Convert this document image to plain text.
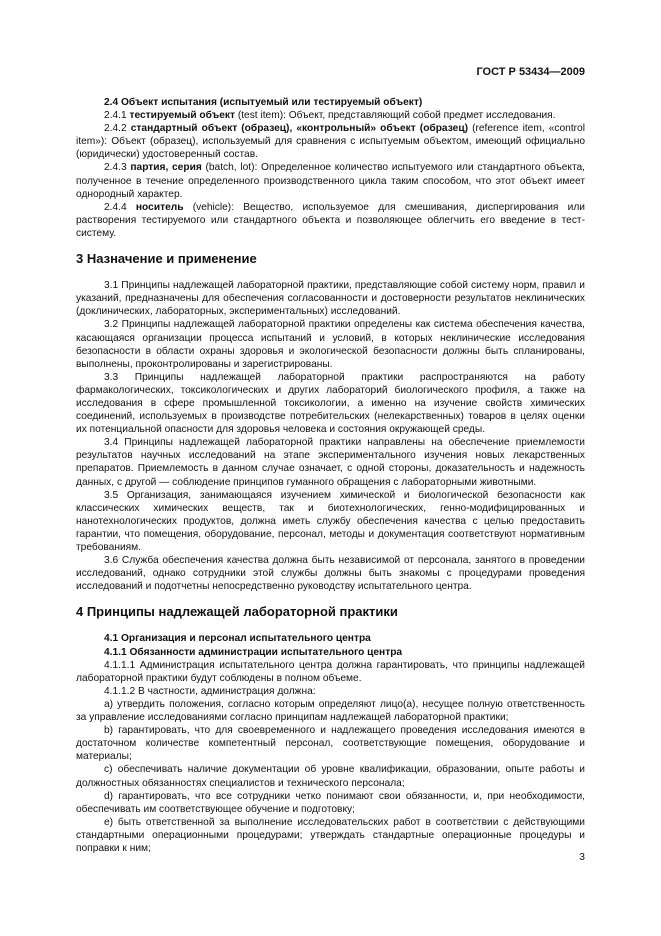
ГОСТ Р 53434—2009

2.4 Объект испытания (испытуемый или тестируемый объект)

2.4.1 тестируемый объект (test item): Объект, представляющий собой предмет исследования.

2.4.2 стандартный объект (образец), «контрольный» объект (образец) (reference item, «control item»): Объект (образец), используемый для сравнения с испытуемым объектом, имеющий официально (юридически) удостоверенный состав.

2.4.3 партия, серия (batch, lot): Определенное количество испытуемого или стандартного объекта, полученное в течение определенного производственного цикла таким способом, что этот объект имеет однородный характер.

2.4.4 носитель (vehicle): Вещество, используемое для смешивания, диспергирования или растворения тестируемого или стандартного объекта и позволяющее облегчить его введение в тест-систему.

3 Назначение и применение

3.1 Принципы надлежащей лабораторной практики, представляющие собой систему норм, правил и указаний, предназначены для обеспечения согласованности и достоверности результатов неклинических (доклинических, лабораторных, экспериментальных) исследований.

3.2 Принципы надлежащей лабораторной практики определены как система обеспечения качества, касающаяся организации процесса испытаний и условий, в которых неклинические исследования безопасности в области охраны здоровья и экологической безопасности должны быть спланированы, выполнены, проконтролированы и зарегистрированы.

3.3 Принципы надлежащей лабораторной практики распространяются на работу фармакологических, токсикологических и других лабораторий биологического профиля, а также на исследования в сфере промышленной токсикологии, а именно на изучение свойств химических соединений, используемых в производстве потребительских (нелекарственных) товаров в целях оценки их потенциальной опасности для здоровья человека и состояния окружающей среды.

3.4 Принципы надлежащей лабораторной практики направлены на обеспечение приемлемости результатов научных исследований на этапе экспериментального изучения новых лекарственных препаратов. Приемлемость в данном случае означает, с одной стороны, доказательность и надежность данных, с другой — соблюдение принципов гуманного обращения с лабораторными животными.

3.5 Организация, занимающаяся изучением химической и биологической безопасности как классических химических веществ, так и биотехнологических, генно-модифицированных и нанотехнологических продуктов, должна иметь службу обеспечения качества с целью предоставить гарантии, что помещения, оборудование, персонал, методы и документация соответствуют нормативным требованиям.

3.6 Служба обеспечения качества должна быть независимой от персонала, занятого в проведении исследований, однако сотрудники этой службы должны быть знакомы с процедурами проведения исследований и подотчетны непосредственно руководству испытательного центра.

4 Принципы надлежащей лабораторной практики

4.1 Организация и персонал испытательного центра

4.1.1 Обязанности администрации испытательного центра

4.1.1.1 Администрация испытательного центра должна гарантировать, что принципы надлежащей лабораторной практики будут соблюдены в полном объеме.

4.1.1.2 В частности, администрация должна:

а) утвердить положения, согласно которым определяют лицо(а), несущее полную ответственность за управление исследованиями согласно принципам надлежащей лабораторной практики;

b) гарантировать, что для своевременного и надлежащего проведения исследования имеются в достаточном количестве компетентный персонал, соответствующие помещения, оборудование и материалы;

c) обеспечивать наличие документации об уровне квалификации, образовании, опыте работы и должностных обязанностях специалистов и технического персонала;

d) гарантировать, что все сотрудники четко понимают свои обязанности, и, при необходимости, обеспечивать им соответствующее обучение и подготовку;

e) быть ответственной за выполнение исследовательских работ в соответствии с действующими стандартными операционными процедурами; утверждать стандартные операционные процедуры и поправки к ним;

3
